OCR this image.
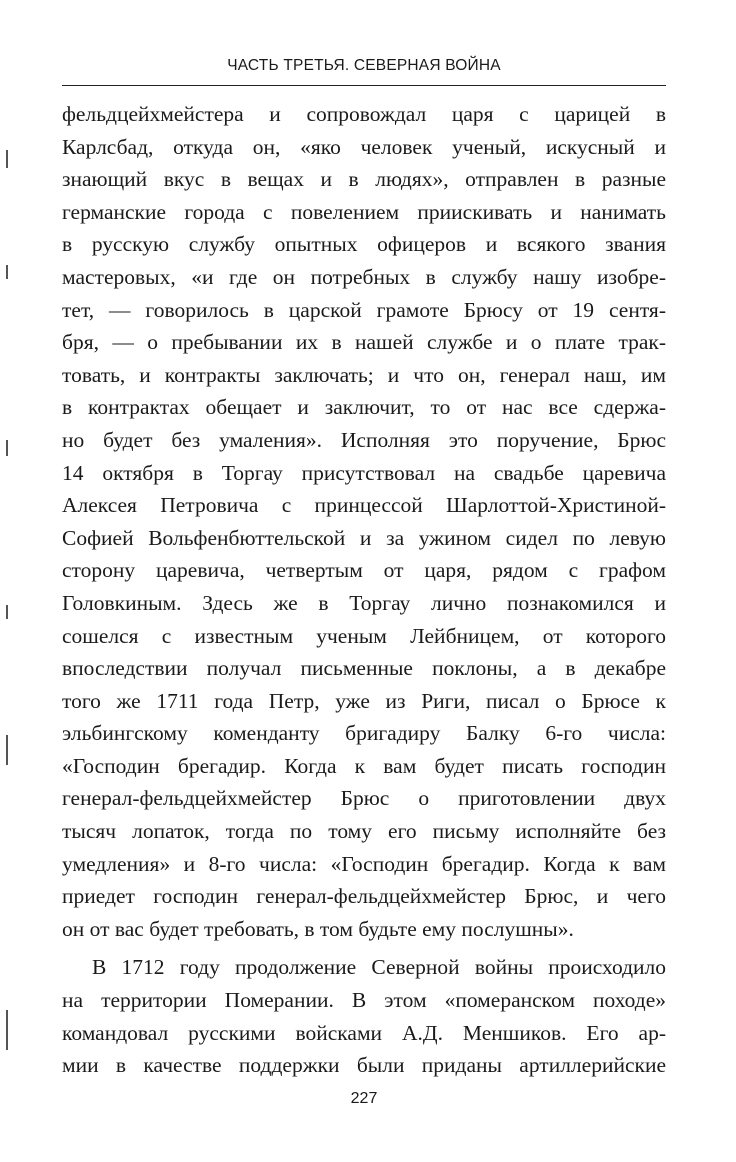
ЧАСТЬ ТРЕТЬЯ. СЕВЕРНАЯ ВОЙНА
фельдцейхмейстера и сопровождал царя с царицей в
Карлсбад, откуда он, «яко человек ученый, искусный и
знающий вкус в вещах и в людях», отправлен в разные
германские города с повелением приискивать и нанимать
в русскую службу опытных офицеров и всякого звания
мастеровых, «и где он потребных в службу нашу изобре-
тет, — говорилось в царской грамоте Брюсу от 19 сентя-
бря, — о пребывании их в нашей службе и о плате трак-
товать, и контракты заключать; и что он, генерал наш, им
в контрактах обещает и заключит, то от нас все сдержа-
но будет без умаления». Исполняя это поручение, Брюс
14 октября в Торгау присутствовал на свадьбе царевича
Алексея Петровича с принцессой Шарлоттой-Христиной-
Софией Вольфенбюттельской и за ужином сидел по левую
сторону царевича, четвертым от царя, рядом с графом
Головкиным. Здесь же в Торгау лично познакомился и
сошелся с известным ученым Лейбницем, от которого
впоследствии получал письменные поклоны, а в декабре
того же 1711 года Петр, уже из Риги, писал о Брюсе к
эльбингскому коменданту бригадиру Балку 6-го числа:
«Господин брегадир. Когда к вам будет писать господин
генерал-фельдцейхмейстер Брюс о приготовлении двух
тысяч лопаток, тогда по тому его письму исполняйте без
умедления» и 8-го числа: «Господин брегадир. Когда к вам
приедет господин генерал-фельдцейхмейстер Брюс, и чего
он от вас будет требовать, в том будьте ему послушны».
В 1712 году продолжение Северной войны происходило
на территории Померании. В этом «померанском походе»
командовал русскими войсками А.Д. Меншиков. Его ар-
мии в качестве поддержки были приданы артиллерийские
227
